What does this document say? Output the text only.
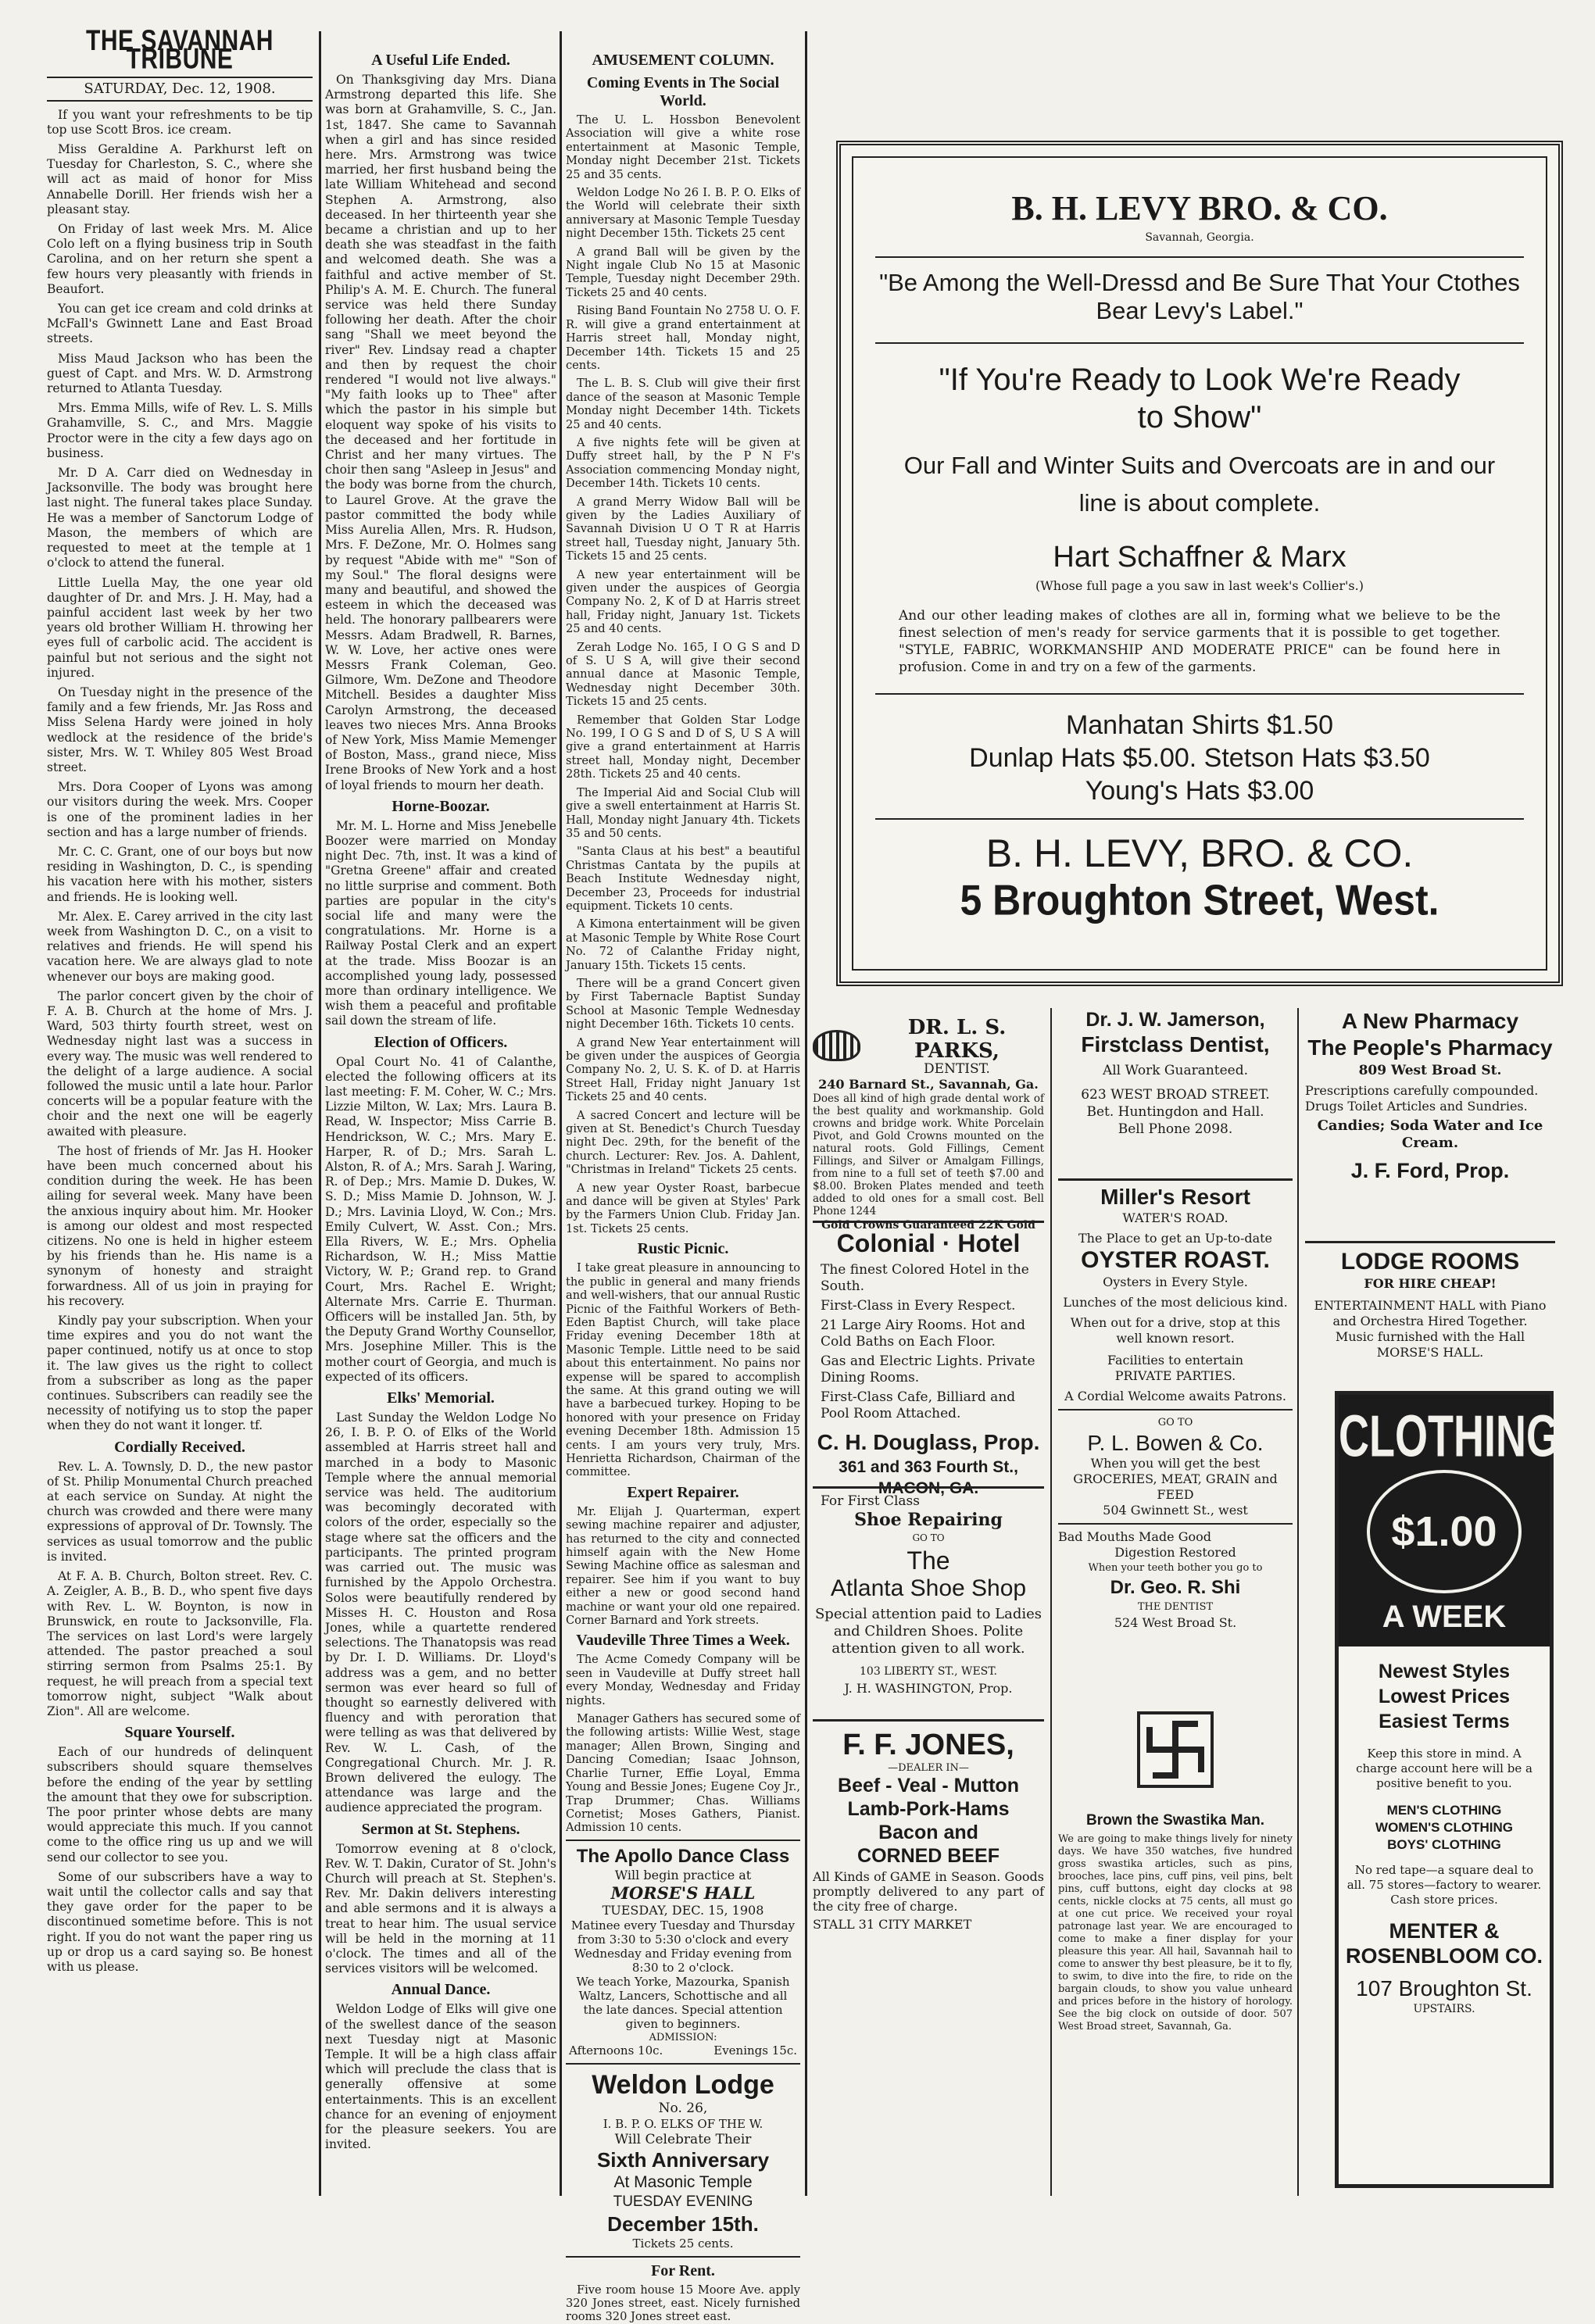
THE SAVANNAH TRIBUNE
SATURDAY, Dec. 12, 1908.

If you want your refreshments to be tip top use Scott Bros. ice cream.

Miss Geraldine A. Parkhurst left on Tuesday for Charleston, S. C., where she will act as maid of honor for Miss Annabelle Dorill. Her friends wish her a pleasant stay.

On Friday of last week Mrs. M. Alice Colo left on a flying business trip in South Carolina, and on her return she spent a few hours very pleasantly with friends in Beaufort.

You can get ice cream and cold drinks at McFall's Gwinnett Lane and East Broad streets.

Miss Maud Jackson who has been the guest of Capt. and Mrs. W. D. Armstrong returned to Atlanta Tuesday.

Mrs. Emma Mills, wife of Rev. L. S. Mills Grahamville, S. C., and Mrs. Maggie Proctor were in the city a few days ago on business.

Mr. D A. Carr died on Wednesday in Jacksonville. The body was brought here last night. The funeral takes place Sunday. He was a member of Sanctorum Lodge of Mason, the members of which are requested to meet at the temple at 1 o'clock to attend the funeral.

Little Luella May, the one year old daughter of Dr. and Mrs. J. H. May, had a painful accident last week by her two years old brother William H. throwing her eyes full of carbolic acid. The accident is painful but not serious and the sight not injured.

On Tuesday night in the presence of the family and a few friends, Mr. Jas Ross and Miss Selena Hardy were joined in holy wedlock at the residence of the bride's sister, Mrs. W. T. Whiley 805 West Broad street.

Mrs. Dora Cooper of Lyons was among our visitors during the week. Mrs. Cooper is one of the prominent ladies in her section and has a large number of friends.

Mr. C. C. Grant, one of our boys but now residing in Washington, D. C., is spending his vacation here with his mother, sisters and friends. He is looking well.

Mr. Alex. E. Carey arrived in the city last week from Washington D. C., on a visit to relatives and friends. He will spend his vacation here. We are always glad to note whenever our boys are making good.

The parlor concert given by the choir of F. A. B. Church at the home of Mrs. J. Ward, 503 thirty fourth street, west on Wednesday night last was a success in every way. The music was well rendered to the delight of a large audience. A social followed the music until a late hour. Parlor concerts will be a popular feature with the choir and the next one will be eagerly awaited with pleasure.

The host of friends of Mr. Jas H. Hooker have been much concerned about his condition during the week. He has been ailing for several week. Many have been the anxious inquiry about him. Mr. Hooker is among our oldest and most respected citizens. No one is held in higher esteem by his friends than he. His name is a synonym of honesty and straight forwardness. All of us join in praying for his recovery.

Kindly pay your subscription. When your time expires and you do not want the paper continued, notify us at once to stop it. The law gives us the right to collect from a subscriber as long as the paper continues. Subscribers can readily see the necessity of notifying us to stop the paper when they do not want it longer. tf.

Cordially Received.

Rev. L. A. Townsly, D. D., the new pastor of St. Philip Monumental Church preached at each service on Sunday. At night the church was crowded and there were many expressions of approval of Dr. Townsly. The services as usual tomorrow and the public is invited.

At F. A. B. Church, Bolton street. Rev. C. A. Zeigler, A. B., B. D., who spent five days with Rev. L. W. Boynton, is now in Brunswick, en route to Jacksonville, Fla. The services on last Lord's were largely attended. The pastor preached a soul stirring sermon from Psalms 25:1. By request, he will preach from a special text tomorrow night, subject "Walk about Zion". All are welcome.

Square Yourself.

Each of our hundreds of delinquent subscribers should square themselves before the ending of the year by settling the amount that they owe for subscription. The poor printer whose debts are many would appreciate this much. If you cannot come to the office ring us up and we will send our collector to see you.

Some of our subscribers have a way to wait until the collector calls and say that they gave order for the paper to be discontinued sometime before. This is not right. If you do not want the paper ring us up or drop us a card saying so. Be honest with us please.

A Useful Life Ended.

On Thanksgiving day Mrs. Diana Armstrong departed this life. She was born at Grahamville, S. C., Jan. 1st, 1847. She came to Savannah when a girl and has since resided here. Mrs. Armstrong was twice married, her first husband being the late William Whitehead and second Stephen A. Armstrong, also deceased. In her thirteenth year she became a christian and up to her death she was steadfast in the faith and welcomed death. She was a faithful and active member of St. Philip's A. M. E. Church. The funeral service was held there Sunday following her death. After the choir sang "Shall we meet beyond the river" Rev. Lindsay read a chapter and then by request the choir rendered "I would not live always." "My faith looks up to Thee" after which the pastor in his simple but eloquent way spoke of his visits to the deceased and her fortitude in Christ and her many virtues. The choir then sang "Asleep in Jesus" and the body was borne from the church, to Laurel Grove. At the grave the pastor committed the body while Miss Aurelia Allen, Mrs. R. Hudson, Mrs. F. DeZone, Mr. O. Holmes sang by request "Abide with me" "Son of my Soul." The floral designs were many and beautiful, and showed the esteem in which the deceased was held. The honorary pallbearers were Messrs. Adam Bradwell, R. Barnes, W. W. Love, her active ones were Messrs Frank Coleman, Geo. Gilmore, Wm. DeZone and Theodore Mitchell. Besides a daughter Miss Carolyn Armstrong, the deceased leaves two nieces Mrs. Anna Brooks of New York, Miss Mamie Memenger of Boston, Mass., grand niece, Miss Irene Brooks of New York and a host of loyal friends to mourn her death.

Horne-Boozar.

Mr. M. L. Horne and Miss Jenebelle Boozer were married on Monday night Dec. 7th, inst. It was a kind of "Gretna Greene" affair and created no little surprise and comment. Both parties are popular in the city's social life and many were the congratulations. Mr. Horne is a Railway Postal Clerk and an expert at the trade. Miss Boozar is an accomplished young lady, possessed more than ordinary intelligence. We wish them a peaceful and profitable sail down the stream of life.

Election of Officers.

Opal Court No. 41 of Calanthe, elected the following officers at its last meeting: F. M. Coher, W. C.; Mrs. Lizzie Milton, W. Lax; Mrs. Laura B. Read, W. Inspector; Miss Carrie B. Hendrickson, W. C.; Mrs. Mary E. Harper, R. of D.; Mrs. Sarah L. Alston, R. of A.; Mrs. Sarah J. Waring, R. of Dep.; Mrs. Mamie D. Dukes, W. S. D.; Miss Mamie D. Johnson, W. J. D.; Mrs. Lavinia Lloyd, W. Con.; Mrs. Emily Culvert, W. Asst. Con.; Mrs. Ella Rivers, W. E.; Mrs. Ophelia Richardson, W. H.; Miss Mattie Victory, W. P.; Grand rep. to Grand Court, Mrs. Rachel E. Wright; Alternate Mrs. Carrie E. Thurman. Officers will be installed Jan. 5th, by the Deputy Grand Worthy Counsellor, Mrs. Josephine Miller. This is the mother court of Georgia, and much is expected of its officers.

Elks' Memorial.

Last Sunday the Weldon Lodge No 26, I. B. P. O. of Elks of the World assembled at Harris street hall and marched in a body to Masonic Temple where the annual memorial service was held. The auditorium was becomingly decorated with colors of the order, especially so the stage where sat the officers and the participants. The printed program was carried out. The music was furnished by the Appolo Orchestra. Solos were beautifully rendered by Misses H. C. Houston and Rosa Jones, while a quartette rendered selections. The Thanatopsis was read by Dr. I. D. Williams. Dr. Lloyd's address was a gem, and no better sermon was ever heard so full of thought so earnestly delivered with fluency and with peroration that were telling as was that delivered by Rev. W. L. Cash, of the Congregational Church. Mr. J. R. Brown delivered the eulogy. The attendance was large and the audience appreciated the program.

Sermon at St. Stephens.

Tomorrow evening at 8 o'clock, Rev. W. T. Dakin, Curator of St. John's Church will preach at St. Stephen's. Rev. Mr. Dakin delivers interesting and able sermons and it is always a treat to hear him. The usual service will be held in the morning at 11 o'clock. The times and all of the services visitors will be welcomed.

Annual Dance.

Weldon Lodge of Elks will give one of the swellest dance of the season next Tuesday nigt at Masonic Temple. It will be a high class affair which will preclude the class that is generally offensive at some entertainments. This is an excellent chance for an evening of enjoyment for the pleasure seekers. You are invited.

AMUSEMENT COLUMN.
Coming Events in The Social World.

The U. L. Hossbon Benevolent Association will give a white rose entertainment at Masonic Temple, Monday night December 21st. Tickets 25 and 35 cents.

Weldon Lodge No 26 I. B. P. O. Elks of the World will celebrate their sixth anniversary at Masonic Temple Tuesday night December 15th. Tickets 25 cent

A grand Ball will be given by the Night ingale Club No 15 at Masonic Temple, Tuesday night December 29th. Tickets 25 and 40 cents.

Rising Band Fountain No 2758 U. O. F. R. will give a grand entertainment at Harris street hall, Monday night, December 14th. Tickets 15 and 25 cents.

The L. B. S. Club will give their first dance of the season at Masonic Temple Monday night December 14th. Tickets 25 and 40 cents.

A five nights fete will be given at Duffy street hall, by the P N F's Association commencing Monday night, December 14th. Tickets 10 cents.

A grand Merry Widow Ball will be given by the Ladies Auxiliary of Savannah Division U O T R at Harris street hall, Tuesday night, January 5th. Tickets 15 and 25 cents.

A new year entertainment will be given under the auspices of Georgia Company No. 2, K of D at Harris street hall, Friday night, January 1st. Tickets 25 and 40 cents.

Zerah Lodge No. 165, I O G S and D of S. U S A, will give their second annual dance at Masonic Temple, Wednesday night December 30th. Tickets 15 and 25 cents.

Remember that Golden Star Lodge No. 199, I O G S and D of S, U S A will give a grand entertainment at Harris street hall, Monday night, December 28th. Tickets 25 and 40 cents.

The Imperial Aid and Social Club will give a swell entertainment at Harris St. Hall, Monday night January 4th. Tickets 35 and 50 cents.

"Santa Claus at his best" a beautiful Christmas Cantata by the pupils at Beach Institute Wednesday night, December 23, Proceeds for industrial equipment. Tickets 10 cents.

A Kimona entertainment will be given at Masonic Temple by White Rose Court No. 72 of Calanthe Friday night, January 15th. Tickets 15 cents.

There will be a grand Concert given by First Tabernacle Baptist Sunday School at Masonic Temple Wednesday night December 16th. Tickets 10 cents.

A grand New Year entertainment will be given under the auspices of Georgia Company No. 2, U. S. K. of D. at Harris Street Hall, Friday night January 1st Tickets 25 and 40 cents.

A sacred Concert and lecture will be given at St. Benedict's Church Tuesday night Dec. 29th, for the benefit of the church. Lecturer: Rev. Jos. A. Dahlent, "Christmas in Ireland" Tickets 25 cents.

A new year Oyster Roast, barbecue and dance will be given at Styles' Park by the Farmers Union Club. Friday Jan. 1st. Tickets 25 cents.

Rustic Picnic.

I take great pleasure in announcing to the public in general and many friends and well-wishers, that our annual Rustic Picnic of the Faithful Workers of Beth-Eden Baptist Church, will take place Friday evening December 18th at Masonic Temple. Little need to be said about this entertainment. No pains nor expense will be spared to accomplish the same. At this grand outing we will have a barbecued turkey. Hoping to be honored with your presence on Friday evening December 18th. Admission 15 cents. I am yours very truly, Mrs. Henrietta Richardson, Chairman of the committee.

Expert Repairer.

Mr. Elijah J. Quarterman, expert sewing machine repairer and adjuster, has returned to the city and connected himself again with the New Home Sewing Machine office as salesman and repairer. See him if you want to buy either a new or good second hand machine or want your old one repaired. Corner Barnard and York streets.

Vaudeville Three Times a Week.

The Acme Comedy Company will be seen in Vaudeville at Duffy street hall every Monday, Wednesday and Friday nights.

Manager Gathers has secured some of the following artists: Willie West, stage manager; Allen Brown, Singing and Dancing Comedian; Isaac Johnson, Charlie Turner, Effie Loyal, Emma Young and Bessie Jones; Eugene Coy Jr., Trap Drummer; Chas. Williams Cornetist; Moses Gathers, Pianist. Admission 10 cents.

The Apollo Dance Class

Will begin practice at

MORSE'S HALL

TUESDAY, DEC. 15, 1908

Matinee every Tuesday and Thursday from 3:30 to 5:30 o'clock and every Wednesday and Friday evening from 8:30 to 2 o'clock.

We teach Yorke, Mazourka, Spanish Waltz, Lancers, Schottische and all the late dances. Special attention given to beginners.

ADMISSION:

Afternoons 10c.	Evenings 15c.

Weldon Lodge

No. 26,

I. B. P. O. ELKS OF THE W.

Will Celebrate Their

Sixth Anniversary

At Masonic Temple

TUESDAY EVENING

December 15th.

Tickets 25 cents.

For Rent.

Five room house 15 Moore Ave. apply 320 Jones street, east. Nicely furnished rooms 320 Jones street east.

B. H. LEVY BRO. & CO.
Savannah, Georgia.
"Be Among the Well-Dressd and Be Sure That Your Ctothes Bear Levy's Label."
"If You're Ready to Look We're Ready to Show"
Our Fall and Winter Suits and Overcoats are in and our line is about complete.
Hart Schaffner & Marx
(Whose full page a you saw in last week's Collier's.)
And our other leading makes of clothes are all in, forming what we believe to be the finest selection of men's ready for service garments that it is possible to get together. "STYLE, FABRIC, WORKMANSHIP AND MODERATE PRICE" can be found here in profusion. Come in and try on a few of the garments.
Manhatan Shirts $1.50
Dunlap Hats $5.00. Stetson Hats $3.50
Young's Hats $3.00
B. H. LEVY, BRO. & CO.
5 Broughton Street, West.

DR. L. S. PARKS,

DENTIST.

240 Barnard St., Savannah, Ga.

Does all kind of high grade dental work of the best quality and workmanship. Gold crowns and bridge work. White Porcelain Pivot, and Gold Crowns mounted on the natural roots. Gold Fillings, Cement Fillings, and Silver or Amalgam Fillings, from nine to a full set of teeth $7.00 and $8.00. Broken Plates mended and teeth added to old ones for a small cost. Bell Phone 1244

Gold Crowns Guaranteed 22K Gold

Colonial · Hotel

The finest Colored Hotel in the South.

First-Class in Every Respect.

21 Large Airy Rooms. Hot and Cold Baths on Each Floor.

Gas and Electric Lights. Private Dining Rooms.

First-Class Cafe, Billiard and Pool Room Attached.

C. H. Douglass, Prop.

361 and 363 Fourth St.,

MACON, GA.

For First Class

Shoe Repairing

GO TO

The

Atlanta Shoe Shop

Special attention paid to Ladies and Children Shoes. Polite attention given to all work.

103 LIBERTY ST., WEST.

J. H. WASHINGTON, Prop.

F. F. JONES,

—DEALER IN—

Beef - Veal - Mutton

Lamb-Pork-Hams

Bacon and

CORNED BEEF

All Kinds of GAME in Season. Goods promptly delivered to any part of the city free of charge.

STALL 31 CITY MARKET

Dr. J. W. Jamerson,

Firstclass Dentist,

All Work Guaranteed.

623 WEST BROAD STREET.

Bet. Huntingdon and Hall.

Bell Phone 2098.

Miller's Resort

WATER'S ROAD.

The Place to get an Up-to-date

OYSTER ROAST.

Oysters in Every Style.

Lunches of the most delicious kind.

When out for a drive, stop at this well known resort.

Facilities to entertain

PRIVATE PARTIES.

A Cordial Welcome awaits Patrons.

GO TO

P. L. Bowen & Co.

When you will get the best

GROCERIES, MEAT, GRAIN and FEED

504 Gwinnett St., west

Bad Mouths Made Good

Digestion Restored

When your teeth bother you go to

Dr. Geo. R. Shi

THE DENTIST

524 West Broad St.

Brown the Swastika Man.

We are going to make things lively for ninety days. We have 350 watches, five hundred gross swastika articles, such as pins, brooches, lace pins, cuff pins, veil pins, belt pins, cuff buttons, eight day clocks at 98 cents, nickle clocks at 75 cents, all must go at one cut price. We received your royal patronage last year. We are encouraged to come to make a finer display for your pleasure this year. All hail, Savannah hail to come to answer thy best pleasure, be it to fly, to swim, to dive into the fire, to ride on the bargain clouds, to show you value unheard and prices before in the history of horology. See the big clock on outside of door. 507 West Broad street, Savannah, Ga.

A New Pharmacy

The People's Pharmacy

809 West Broad St.

Prescriptions carefully compounded.

Drugs Toilet Articles and Sundries.

Candies; Soda Water and Ice Cream.

J. F. Ford, Prop.

LODGE ROOMS

FOR HIRE CHEAP!

ENTERTAINMENT HALL with Piano and Orchestra Hired Together.

Music furnished with the Hall

MORSE'S HALL.

CLOTHING

$1.00

A WEEK

Newest Styles

Lowest Prices

Easiest Terms

Keep this store in mind. A charge account here will be a positive benefit to you.

MEN'S CLOTHING

WOMEN'S CLOTHING

BOYS' CLOTHING

No red tape—a square deal to all. 75 stores—factory to wearer. Cash store prices.

MENTER & ROSENBLOOM CO.

107 Broughton St.

UPSTAIRS.
